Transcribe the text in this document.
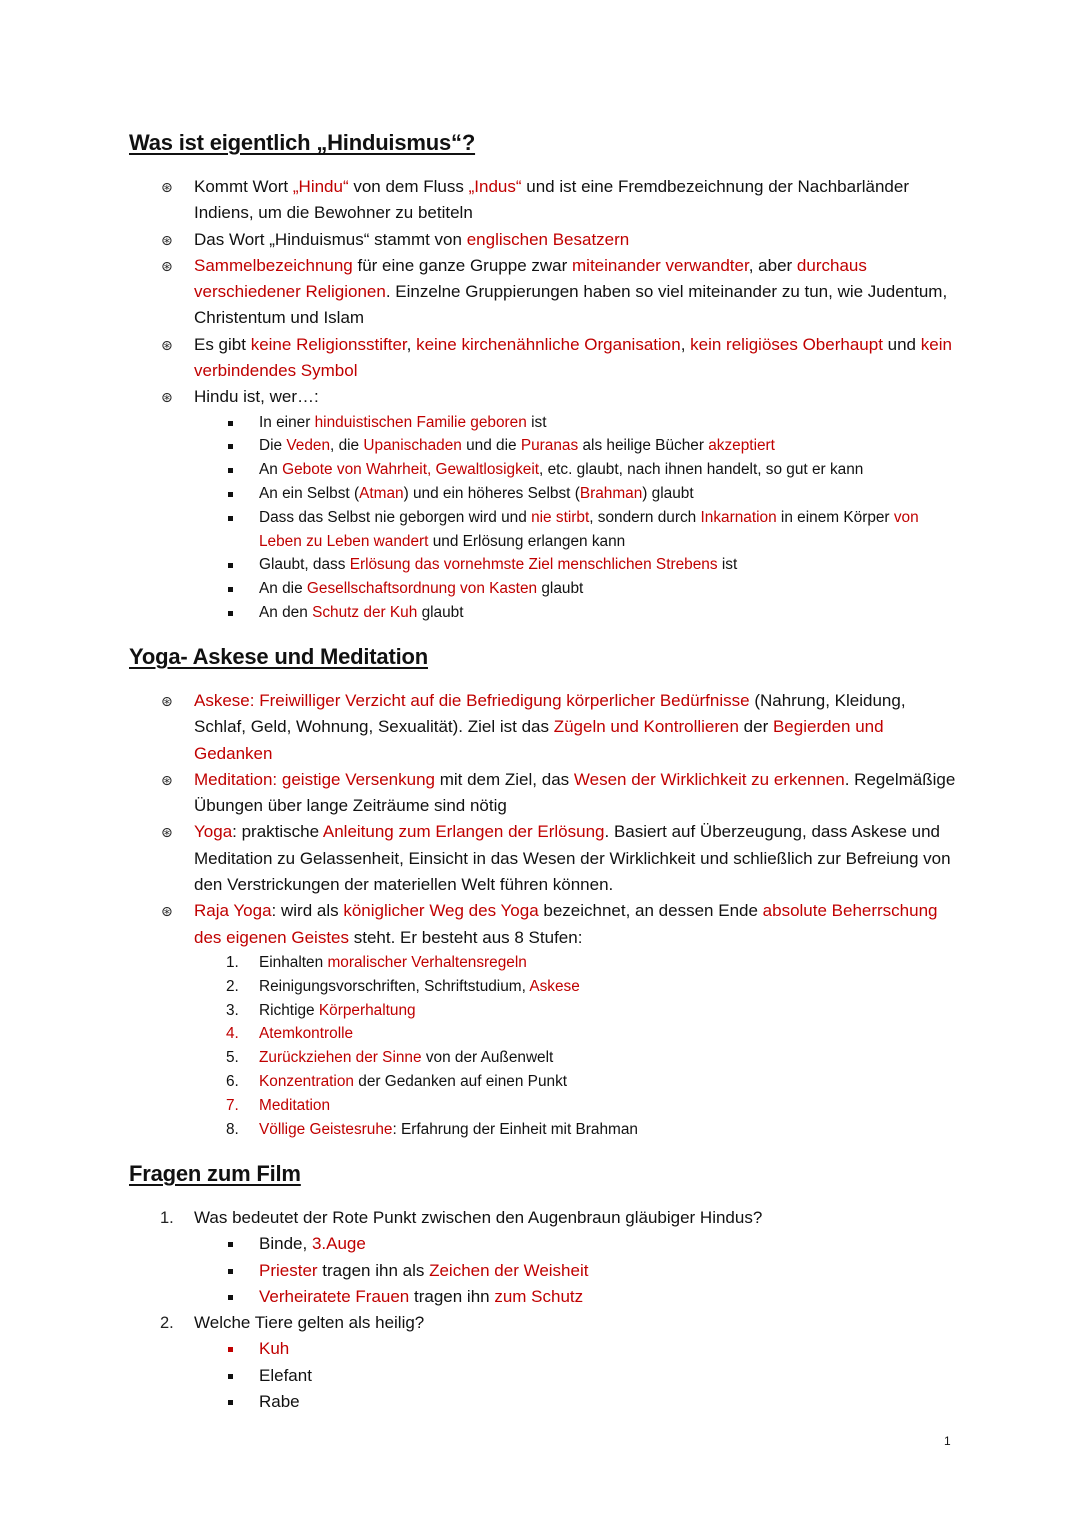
Was ist eigentlich „Hinduismus“?
⊛ Kommt Wort „Hindu“ von dem Fluss „Indus“ und ist eine Fremdbezeichnung der Nachbarländer Indiens, um die Bewohner zu betiteln
⊛ Das Wort „Hinduismus“ stammt von englischen Besatzern
⊛ Sammelbezeichnung für eine ganze Gruppe zwar miteinander verwandter, aber durchaus verschiedener Religionen. Einzelne Gruppierungen haben so viel miteinander zu tun, wie Judentum, Christentum und Islam
⊛ Es gibt keine Religionsstifter, keine kirchenähnliche Organisation, kein religiöses Oberhaupt und kein verbindendes Symbol
⊛ Hindu ist, wer…:
In einer hinduistischen Familie geboren ist
Die Veden, die Upanischaden und die Puranas als heilige Bücher akzeptiert
An Gebote von Wahrheit, Gewaltlosigkeit, etc. glaubt, nach ihnen handelt, so gut er kann
An ein Selbst (Atman) und ein höheres Selbst (Brahman) glaubt
Dass das Selbst nie geborgen wird und nie stirbt, sondern durch Inkarnation in einem Körper von Leben zu Leben wandert und Erlösung erlangen kann
Glaubt, dass Erlösung das vornehmste Ziel menschlichen Strebens ist
An die Gesellschaftsordnung von Kasten glaubt
An den Schutz der Kuh glaubt
Yoga- Askese und Meditation
⊛ Askese: Freiwilliger Verzicht auf die Befriedigung körperlicher Bedürfnisse (Nahrung, Kleidung, Schlaf, Geld, Wohnung, Sexualität). Ziel ist das Zügeln und Kontrollieren der Begierden und Gedanken
⊛ Meditation: geistige Versenkung mit dem Ziel, das Wesen der Wirklichkeit zu erkennen. Regelmäßige Übungen über lange Zeiträume sind nötig
⊛ Yoga: praktische Anleitung zum Erlangen der Erlösung. Basiert auf Überzeugung, dass Askese und Meditation zu Gelassenheit, Einsicht in das Wesen der Wirklichkeit und schließlich zur Befreiung von den Verstrickungen der materiellen Welt führen können.
⊛ Raja Yoga: wird als königlicher Weg des Yoga bezeichnet, an dessen Ende absolute Beherrschung des eigenen Geistes steht. Er besteht aus 8 Stufen:
1.	Einhalten moralischer Verhaltensregeln
2.	Reinigungsvorschriften, Schriftstudium, Askese
3.	Richtige Körperhaltung
4.	Atemkontrolle
5.	Zurückziehen der Sinne von der Außenwelt
6.	Konzentration der Gedanken auf einen Punkt
7.	Meditation
8.	Völlige Geistesruhe: Erfahrung der Einheit mit Brahman
Fragen zum Film
1. Was bedeutet der Rote Punkt zwischen den Augenbraun gläubiger Hindus?
Binde, 3.Auge
Priester tragen ihn als Zeichen der Weisheit
Verheiratete Frauen tragen ihn zum Schutz
2. Welche Tiere gelten als heilig?
Kuh
Elefant
Rabe
1
